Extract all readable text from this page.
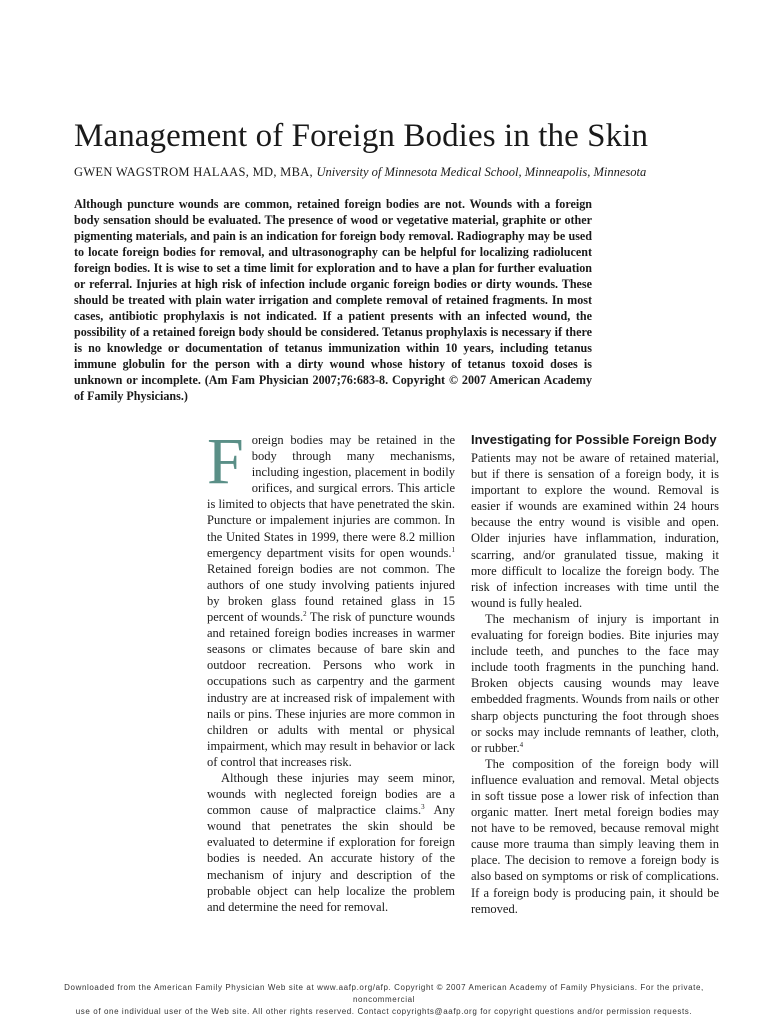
Management of Foreign Bodies in the Skin
GWEN WAGSTROM HALAAS, MD, MBA, University of Minnesota Medical School, Minneapolis, Minnesota

Although puncture wounds are common, retained foreign bodies are not. Wounds with a foreign body sensation should be evaluated. The presence of wood or vegetative material, graphite or other pigmenting materials, and pain is an indication for foreign body removal. Radiography may be used to locate foreign bodies for removal, and ultrasonography can be helpful for localizing radiolucent foreign bodies. It is wise to set a time limit for exploration and to have a plan for further evaluation or referral. Injuries at high risk of infection include organic foreign bodies or dirty wounds. These should be treated with plain water irrigation and complete removal of retained fragments. In most cases, antibiotic prophylaxis is not indicated. If a patient presents with an infected wound, the possibility of a retained foreign body should be considered. Tetanus prophylaxis is necessary if there is no knowledge or documentation of tetanus immunization within 10 years, including tetanus immune globulin for the person with a dirty wound whose history of tetanus toxoid doses is unknown or incomplete. (Am Fam Physician 2007;76:683-8. Copyright © 2007 American Academy of Family Physicians.)

Foreign bodies may be retained in the body through many mechanisms, including ingestion, placement in bodily orifices, and surgical errors. This article is limited to objects that have penetrated the skin. Puncture or impalement injuries are common. In the United States in 1999, there were 8.2 million emergency department visits for open wounds.$^1$ Retained foreign bodies are not common. The authors of one study involving patients injured by broken glass found retained glass in 15 percent of wounds.$^2$ The risk of puncture wounds and retained foreign bodies increases in warmer seasons or climates because of bare skin and outdoor recreation. Persons who work in occupations such as carpentry and the garment industry are at increased risk of impalement with nails or pins. These injuries are more common in children or adults with mental or physical impairment, which may result in behavior or lack of control that increases risk.

Although these injuries may seem minor, wounds with neglected foreign bodies are a common cause of malpractice claims.$^3$ Any wound that penetrates the skin should be evaluated to determine if exploration for foreign bodies is needed. An accurate history of the mechanism of injury and description of the probable object can help localize the problem and determine the need for removal.

Investigating for Possible Foreign Body

Patients may not be aware of retained material, but if there is sensation of a foreign body, it is important to explore the wound. Removal is easier if wounds are examined within 24 hours because the entry wound is visible and open. Older injuries have inflammation, induration, scarring, and/or granulated tissue, making it more difficult to localize the foreign body. The risk of infection increases with time until the wound is fully healed.

The mechanism of injury is important in evaluating for foreign bodies. Bite injuries may include teeth, and punches to the face may include tooth fragments in the punching hand. Broken objects causing wounds may leave embedded fragments. Wounds from nails or other sharp objects puncturing the foot through shoes or socks may include remnants of leather, cloth, or rubber.$^4$

The composition of the foreign body will influence evaluation and removal. Metal objects in soft tissue pose a lower risk of infection than organic matter. Inert metal foreign bodies may not have to be removed, because removal might cause more trauma than simply leaving them in place. The decision to remove a foreign body is also based on symptoms or risk of complications. If a foreign body is producing pain, it should be removed.

Downloaded from the American Family Physician Web site at www.aafp.org/afp. Copyright © 2007 American Academy of Family Physicians. For the private, noncommercial
use of one individual user of the Web site. All other rights reserved. Contact copyrights@aafp.org for copyright questions and/or permission requests.
